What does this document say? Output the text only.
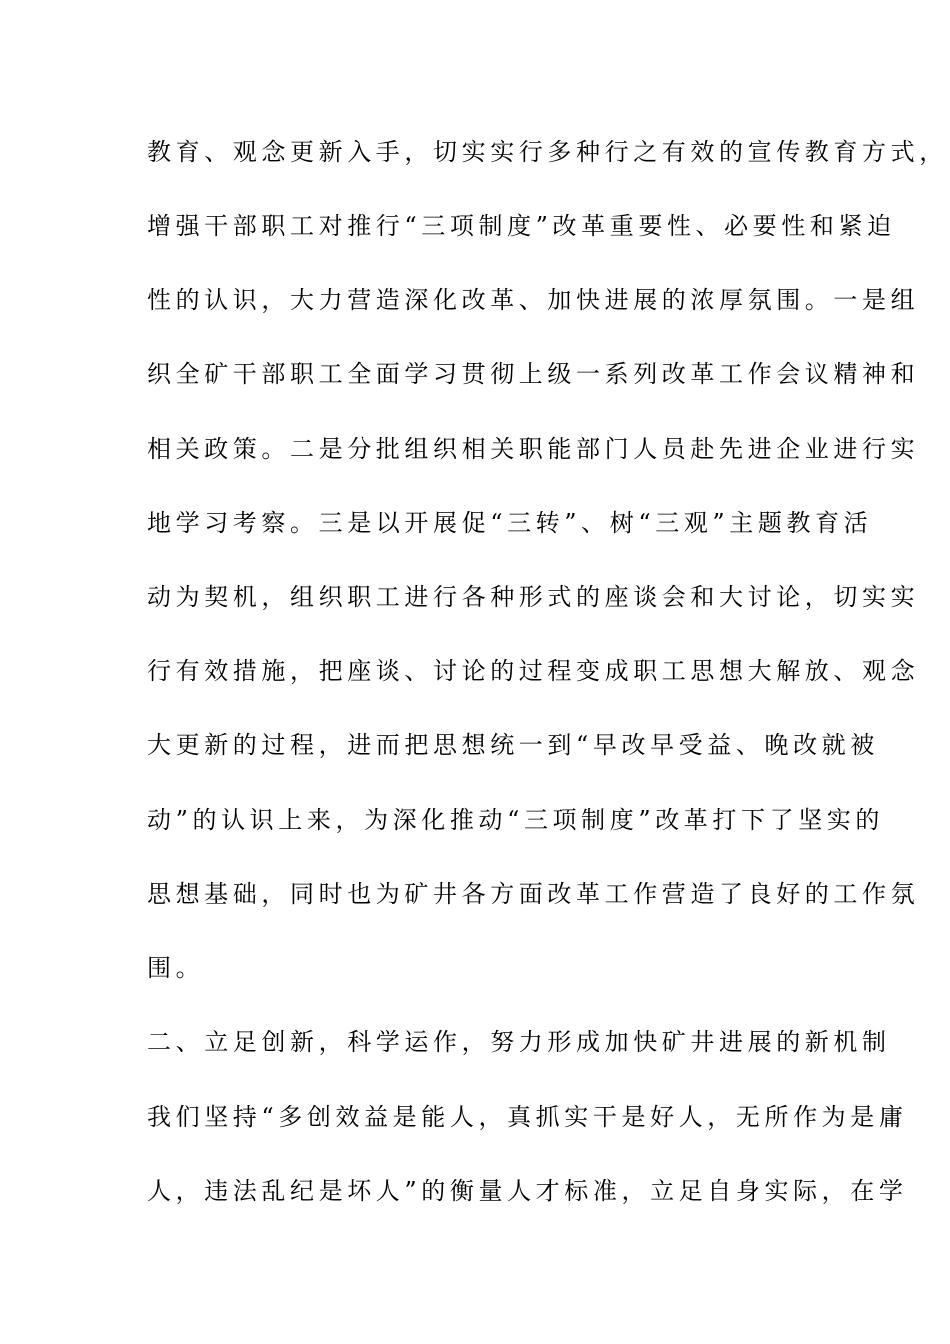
教育、观念更新入手，切实实行多种行之有效的宣传教育方式，
增强干部职工对推行“三项制度”改革重要性、必要性和紧迫
性的认识，大力营造深化改革、加快进展的浓厚氛围。一是组
织全矿干部职工全面学习贯彻上级一系列改革工作会议精神和
相关政策。二是分批组织相关职能部门人员赴先进企业进行实
地学习考察。三是以开展促“三转”、树“三观”主题教育活
动为契机，组织职工进行各种形式的座谈会和大讨论，切实实
行有效措施，把座谈、讨论的过程变成职工思想大解放、观念
大更新的过程，进而把思想统一到“早改早受益、晚改就被
动”的认识上来，为深化推动“三项制度”改革打下了坚实的
思想基础，同时也为矿井各方面改革工作营造了良好的工作氛
围。
二、立足创新，科学运作，努力形成加快矿井进展的新机制
我们坚持“多创效益是能人，真抓实干是好人，无所作为是庸
人，违法乱纪是坏人”的衡量人才标准，立足自身实际，在学
